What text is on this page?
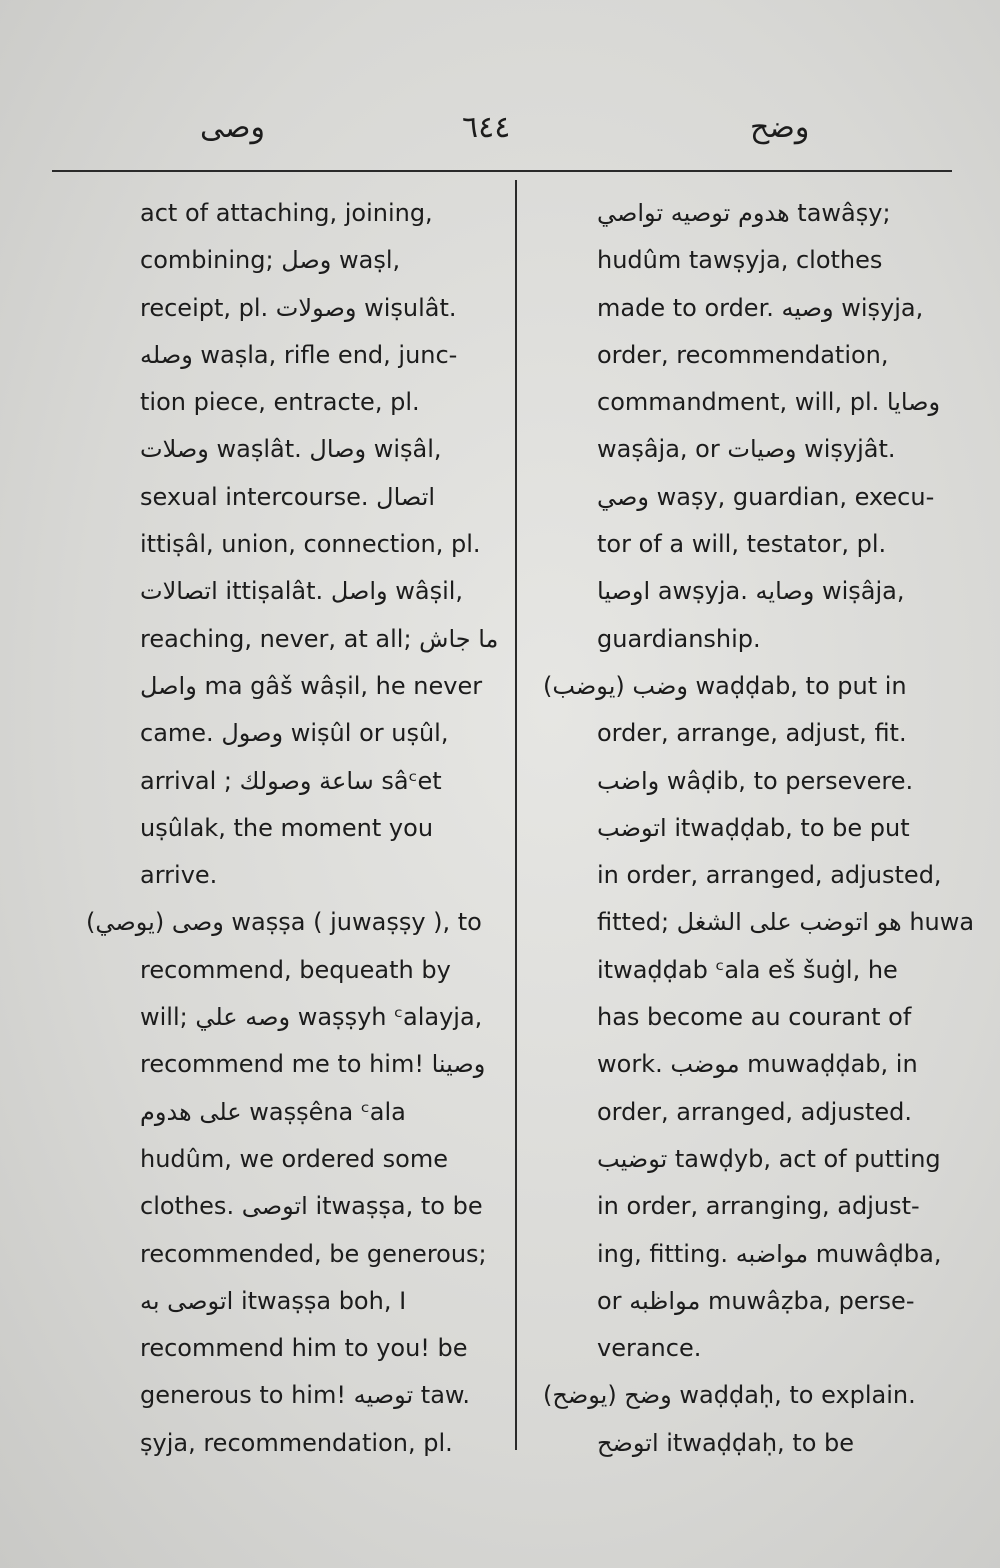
وصى	٦٤٤	وضح
act of attaching, joining,
combining; وصل waṣl,
receipt, pl. وصولات wiṣulât.
وصله waṣla, rifle end, junc-
tion piece, entracte, pl.
وصلات waṣlât. وصال wiṣâl,
sexual intercourse. اتصال
ittiṣâl, union, connection, pl.
اتصالات ittiṣalât. واصل wâṣil,
reaching, never, at all; ما جاش
واصل ma gâš wâṣil, he never
came. وصول wiṣûl or uṣûl,
arrival ; ساعة وصولك sâᶜet
uṣûlak, the moment you
arrive.
وصى (يوصي) waṣṣa ( juwaṣṣy ), to
recommend, bequeath by
will; وصه علي waṣṣyh ᶜalayja,
recommend me to him! وصينا
علی هدوم waṣṣêna ᶜala
hudûm, we ordered some
clothes. اتوصى itwaṣṣa, to be
recommended, be generous;
اتوصى به itwaṣṣa boh, I
recommend him to you! be
generous to him! توصيه taw.
ṣyja, recommendation, pl.
هدوم توصيه تواصي tawâṣy;
hudûm tawṣyja, clothes
made to order. وصيه wiṣyja,
order, recommendation,
commandment, will, pl. وصايا
waṣâja, or وصيات wiṣyjât.
وصي waṣy, guardian, execu-
tor of a will, testator, pl.
اوصيا awṣyja. وصايه wiṣâja,
guardianship.
وضب (يوضب) waḍḍab, to put in
order, arrange, adjust, fit.
واضب wâḍib, to persevere.
اتوضب itwaḍḍab, to be put
in order, arranged, adjusted,
fitted; هو اتوضب على الشغل huwa
itwaḍḍab ᶜala eš šuġl, he
has become au courant of
work. موضب muwaḍḍab, in
order, arranged, adjusted.
توضيب tawḍyb, act of putting
in order, arranging, adjust-
ing, fitting. مواضبه muwâḍba,
or مواظبه muwâẓba, perse-
verance.
وضح (يوضح) waḍḍaḥ, to explain.
اتوضح itwaḍḍaḥ, to be
